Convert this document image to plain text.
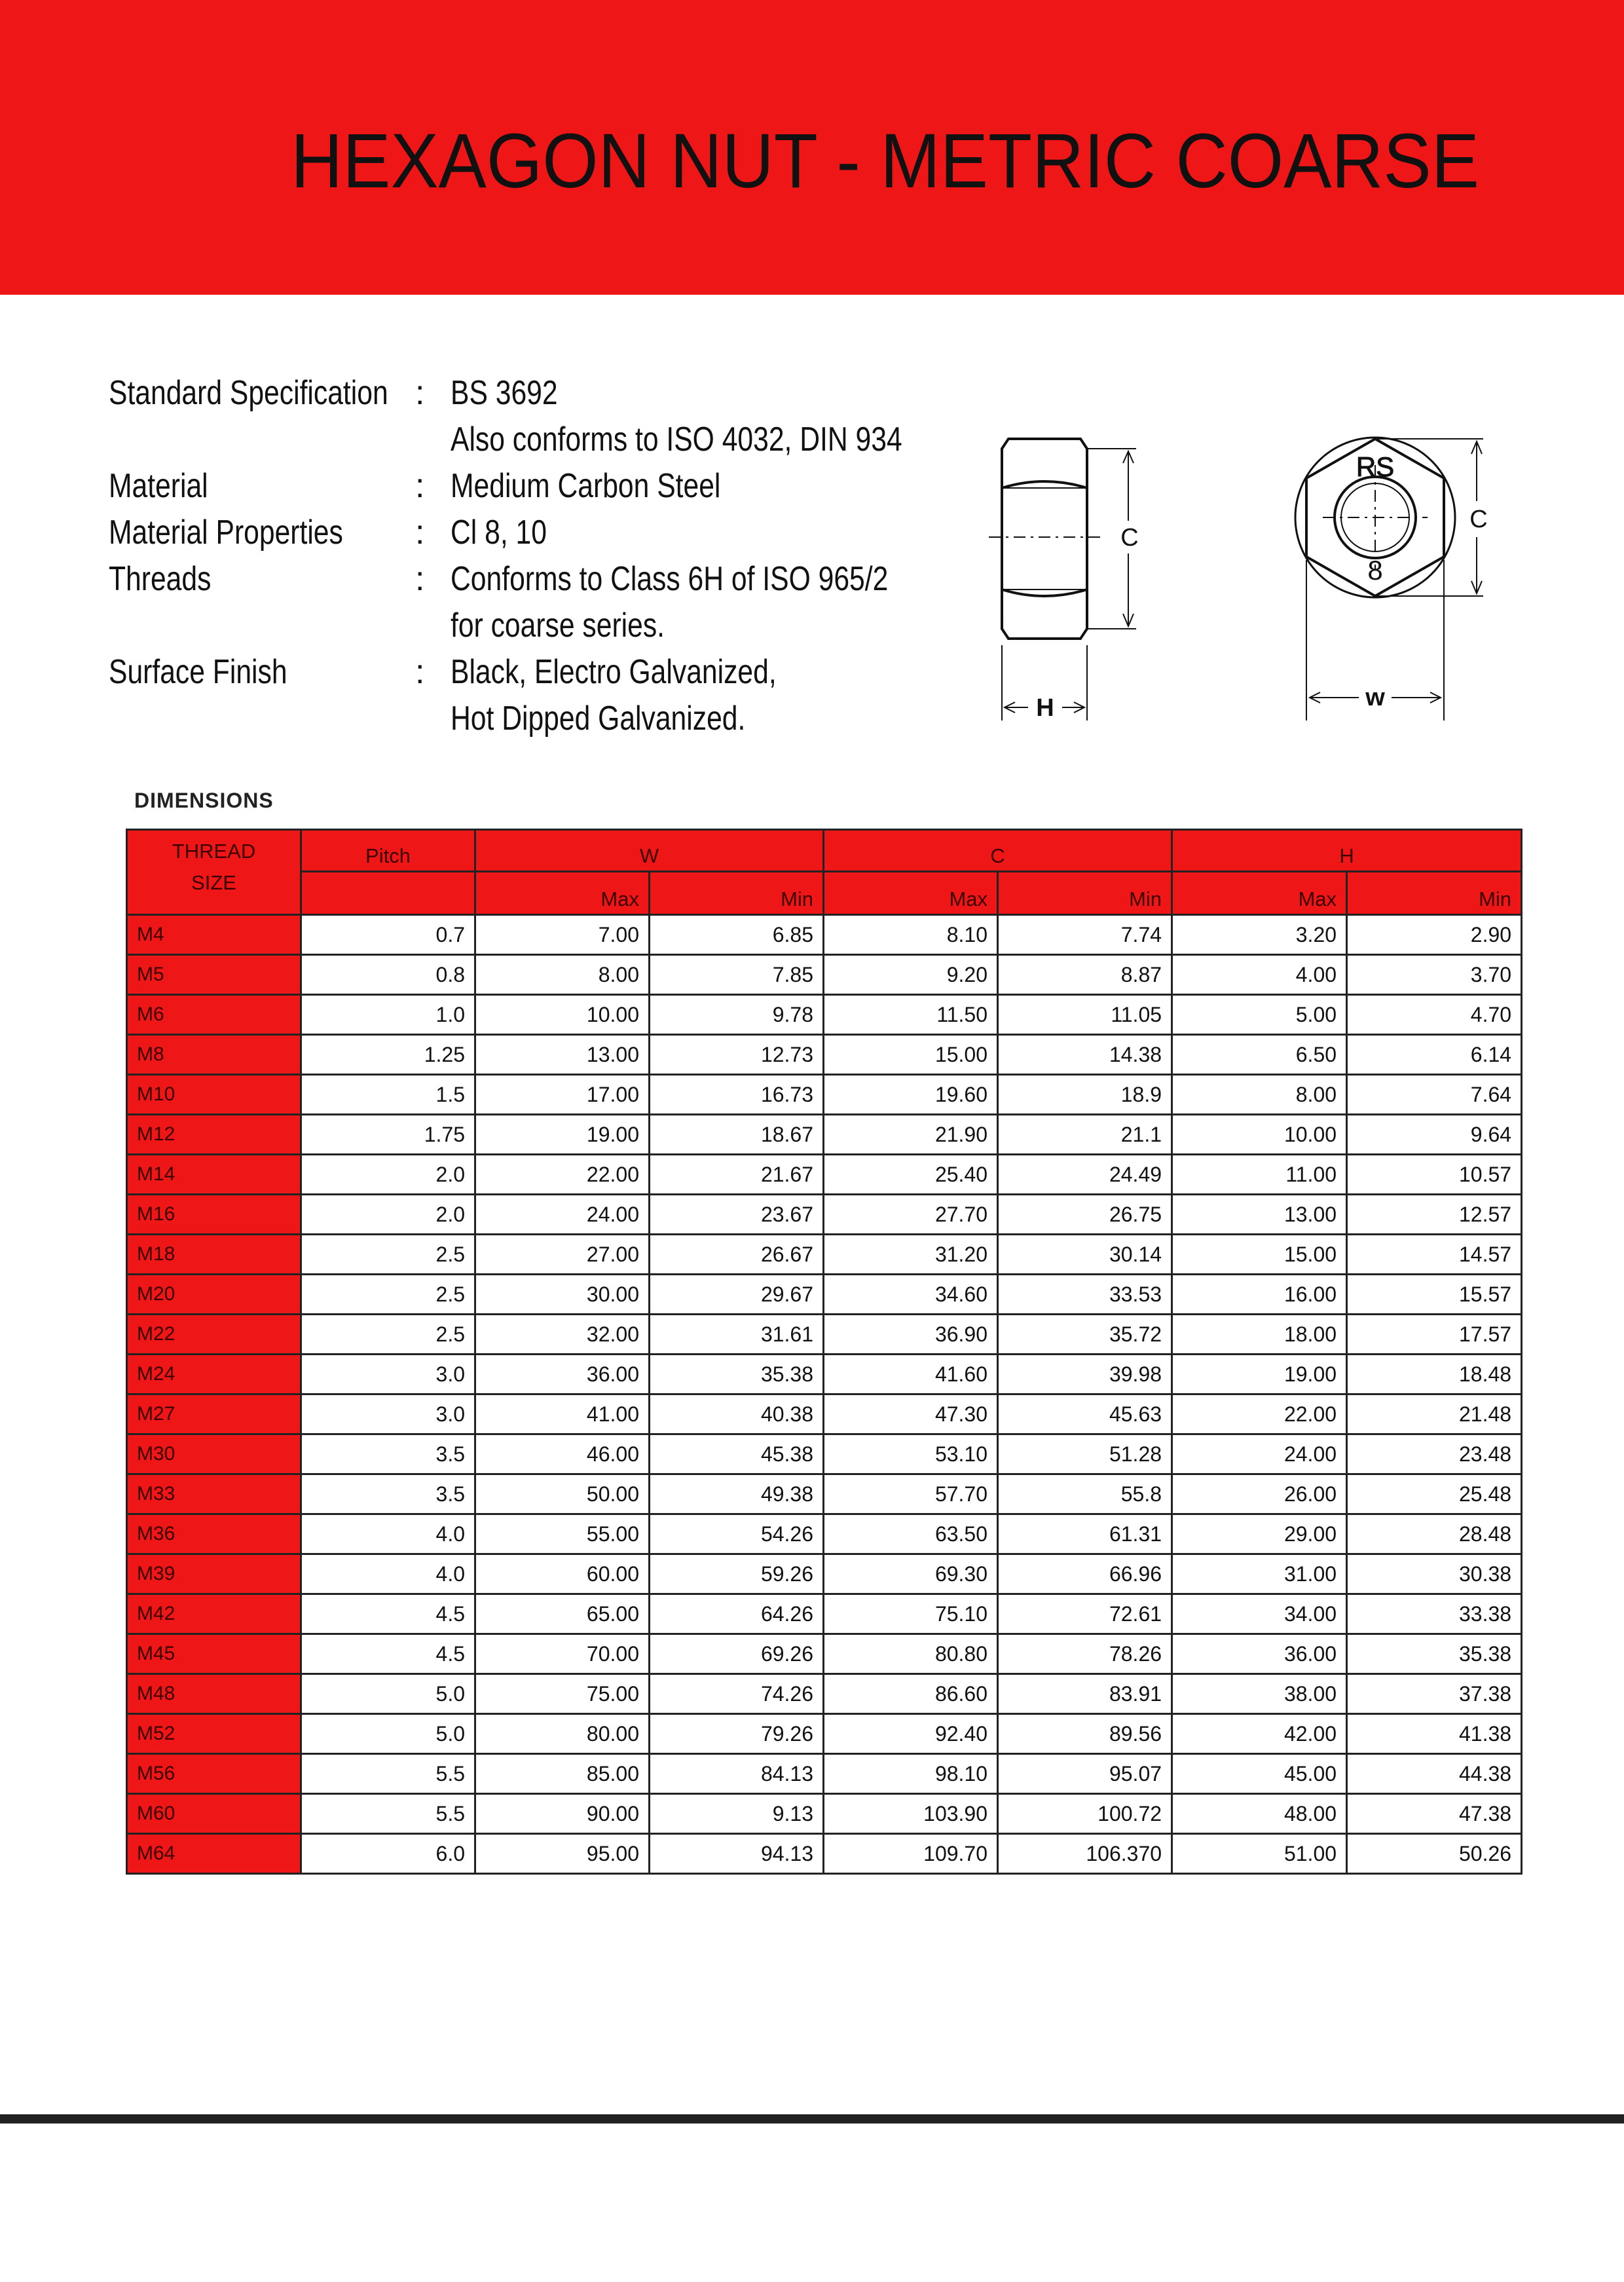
HEXAGON NUT - METRIC COARSE
Standard Specification : BS 3692
Also conforms to ISO 4032, DIN 934
Material	: Medium Carbon Steel
Material Properties : Cl 8, 10
Threads	: Conforms to Class 6H of ISO 965/2
for coarse series.
Surface Finish	: Black, Electro Galvanized,
Hot Dipped Galvanized.
C
H
RS
8
C
w
DIMENSIONS
THREAD
SIZE	Pitch	W		C		H	
		Max	Min	Max	Min	Max	Min
M4	0.7	7.00	6.85	8.10	7.74	3.20	2.90
M5	0.8	8.00	7.85	9.20	8.87	4.00	3.70
M6	1.0	10.00	9.78	11.50	11.05	5.00	4.70
M8	1.25	13.00	12.73	15.00	14.38	6.50	6.14
M10	1.5	17.00	16.73	19.60	18.9	8.00	7.64
M12	1.75	19.00	18.67	21.90	21.1	10.00	9.64
M14	2.0	22.00	21.67	25.40	24.49	11.00	10.57
M16	2.0	24.00	23.67	27.70	26.75	13.00	12.57
M18	2.5	27.00	26.67	31.20	30.14	15.00	14.57
M20	2.5	30.00	29.67	34.60	33.53	16.00	15.57
M22	2.5	32.00	31.61	36.90	35.72	18.00	17.57
M24	3.0	36.00	35.38	41.60	39.98	19.00	18.48
M27	3.0	41.00	40.38	47.30	45.63	22.00	21.48
M30	3.5	46.00	45.38	53.10	51.28	24.00	23.48
M33	3.5	50.00	49.38	57.70	55.8	26.00	25.48
M36	4.0	55.00	54.26	63.50	61.31	29.00	28.48
M39	4.0	60.00	59.26	69.30	66.96	31.00	30.38
M42	4.5	65.00	64.26	75.10	72.61	34.00	33.38
M45	4.5	70.00	69.26	80.80	78.26	36.00	35.38
M48	5.0	75.00	74.26	86.60	83.91	38.00	37.38
M52	5.0	80.00	79.26	92.40	89.56	42.00	41.38
M56	5.5	85.00	84.13	98.10	95.07	45.00	44.38
M60	5.5	90.00	9.13	103.90	100.72	48.00	47.38
M64	6.0	95.00	94.13	109.70	106.370	51.00	50.26
